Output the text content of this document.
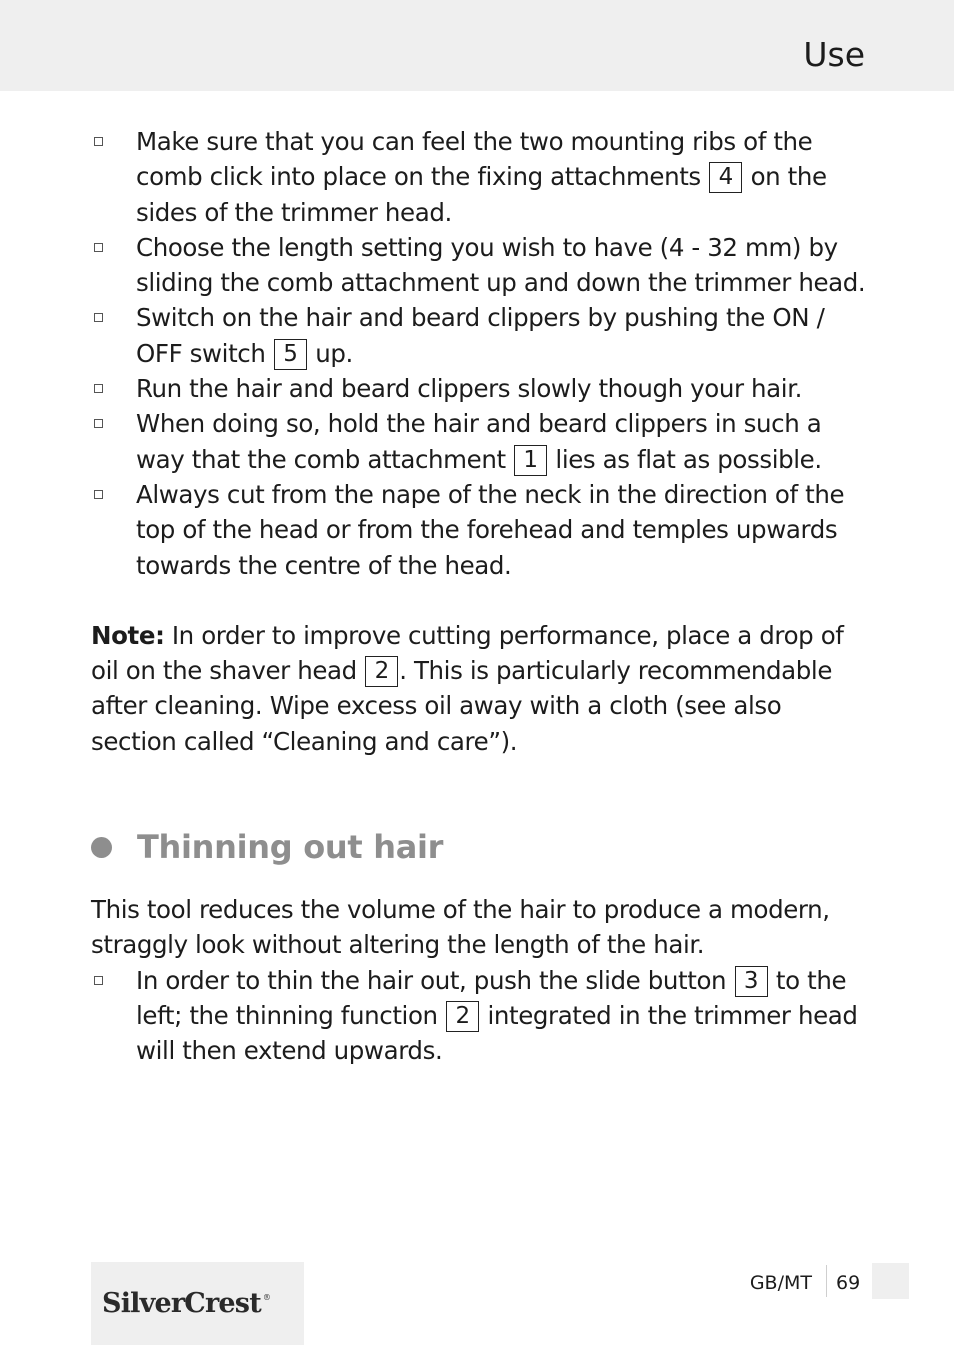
Use
Make sure that you can feel the two mounting ribs of the comb click into place on the fixing attachments 4 on the sides of the trimmer head.
Choose the length setting you wish to have (4 - 32 mm) by sliding the comb attachment up and down the trimmer head.
Switch on the hair and beard clippers by pushing the ON / OFF switch 5 up.
Run the hair and beard clippers slowly though your hair.
When doing so, hold the hair and beard clippers in such a way that the comb attachment 1 lies as flat as possible.
Always cut from the nape of the neck in the direction of the top of the head or from the forehead and temples upwards towards the centre of the head.

Note: In order to improve cutting performance, place a drop of oil on the shaver head 2 . This is particularly recommendable after cleaning. Wipe excess oil away with a cloth (see also section called “Cleaning and care”).

Thinning out hair

This tool reduces the volume of the hair to produce a modern, straggly look without altering the length of the hair.

In order to thin the hair out, push the slide button 3 to the left; the thinning function 2 integrated in the trimmer head will then extend upwards.
SilverCrest ®
GB/MT 69
